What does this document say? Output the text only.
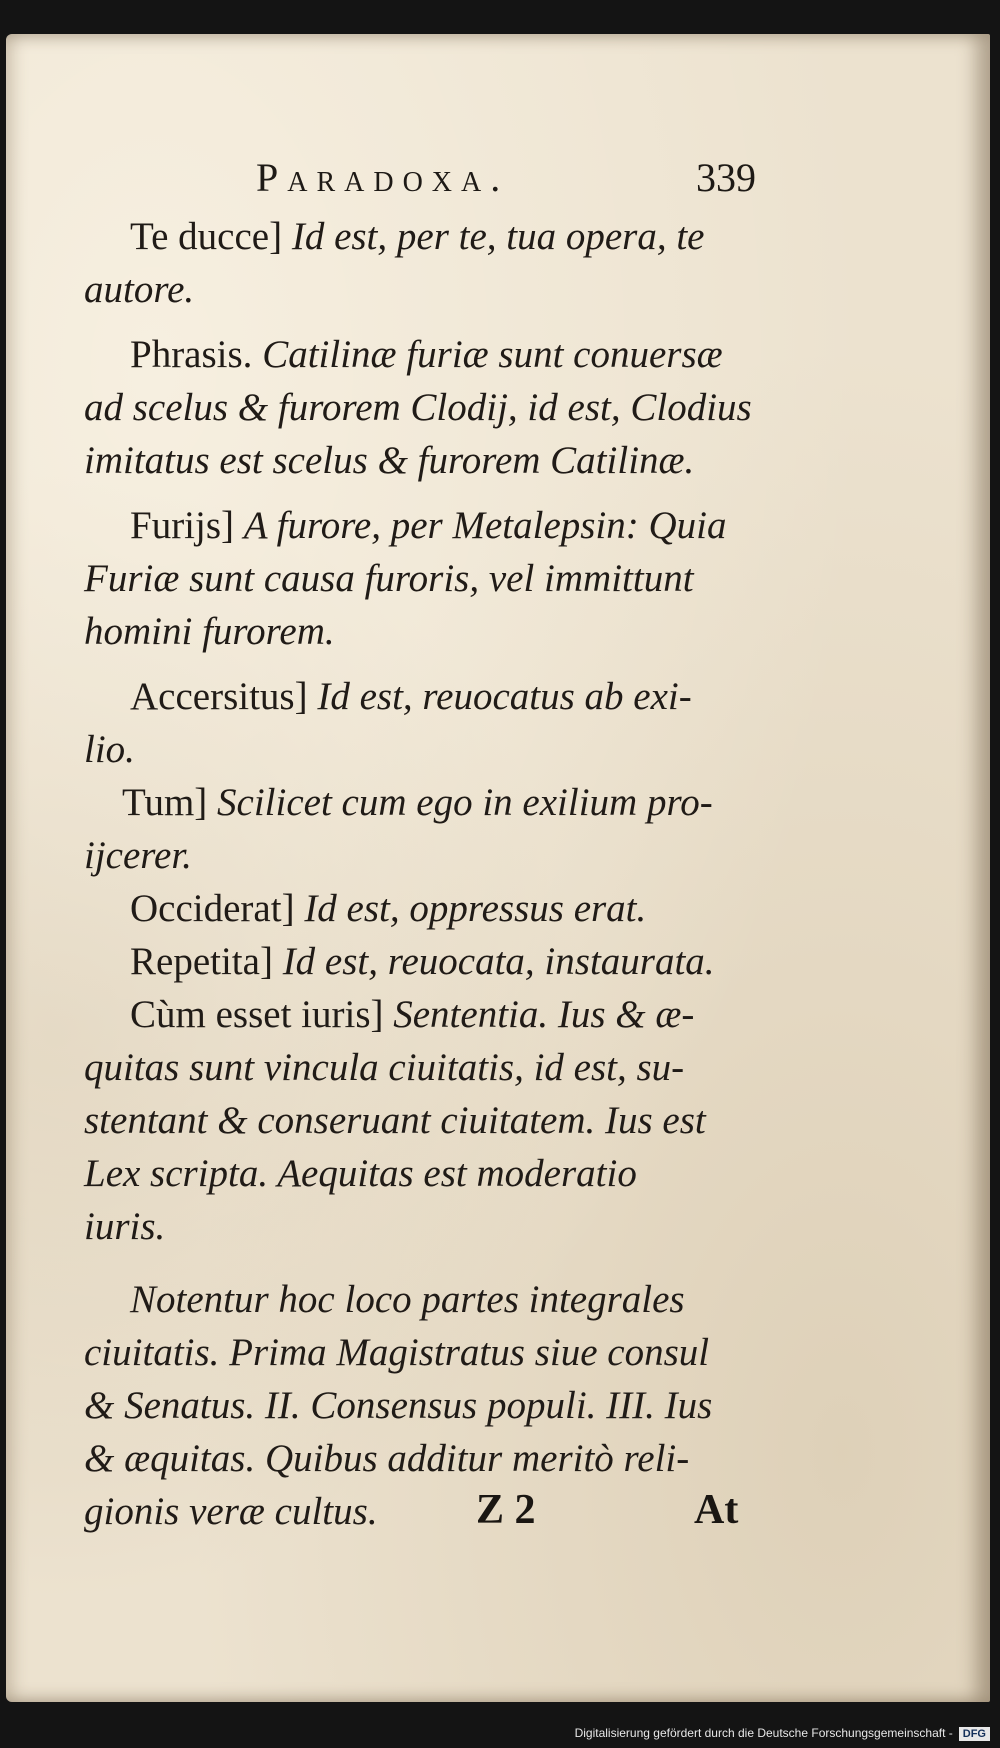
Paradoxa.	339
Te ducce] Id est, per te, tua opera, te
autore.
Phrasis. Catilinæ furiæ sunt conuersæ
ad scelus & furorem Clodij, id est, Clodius
imitatus est scelus & furorem Catilinæ.
Furijs] A furore, per Metalepsin: Quia
Furiæ sunt causa furoris, vel immittunt
homini furorem.
Accersitus] Id est, reuocatus ab exi-
lio.
Tum] Scilicet cum ego in exilium pro-
ijcerer.
Occiderat] Id est, oppressus erat.
Repetita] Id est, reuocata, instaurata.
Cùm esset iuris] Sententia. Ius & æ-
quitas sunt vincula ciuitatis, id est, su-
stentant & conseruant ciuitatem. Ius est
Lex scripta. Aequitas est moderatio
iuris.
Notentur hoc loco partes integrales
ciuitatis. Prima Magistratus siue consul
& Senatus. II. Consensus populi. III. Ius
& æquitas. Quibus additur meritò reli-
gionis veræ cultus.	Z 2	At
Digitalisierung gefördert durch die Deutsche Forschungsgemeinschaft - DFG
